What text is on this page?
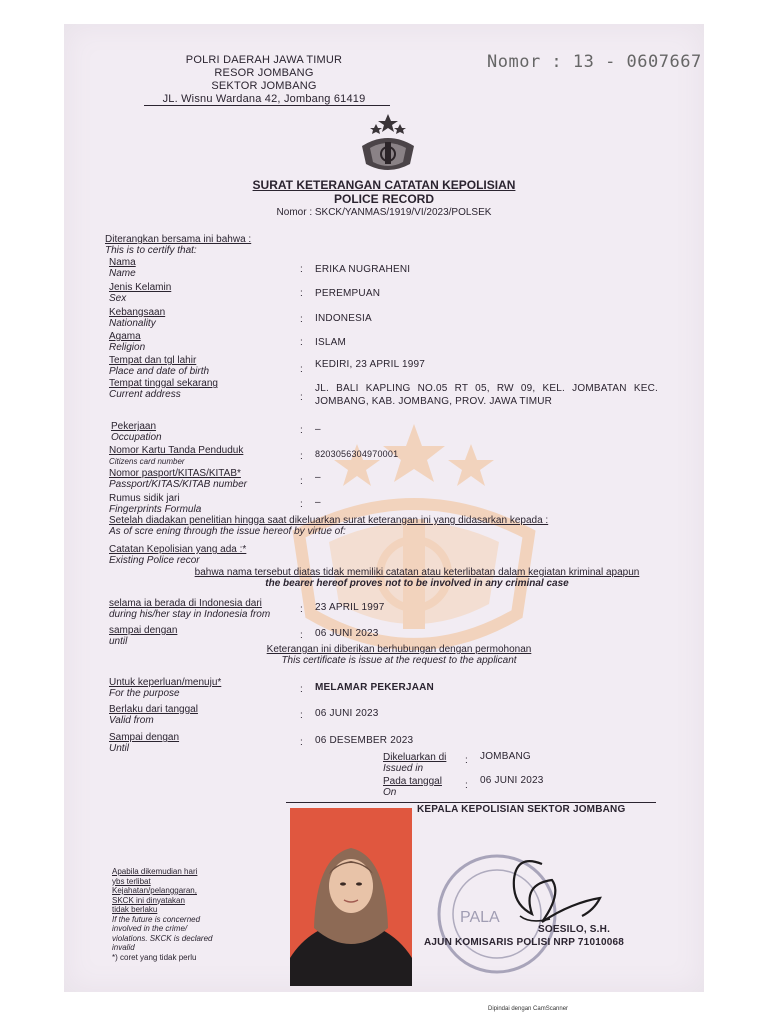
POLRI DAERAH JAWA TIMUR
RESOR JOMBANG
SEKTOR JOMBANG
JL. Wisnu Wardana 42, Jombang 61419
Nomor : 13 - 0607667
SURAT KETERANGAN CATATAN KEPOLISIAN
POLICE RECORD
Nomor : SKCK/YANMAS/1919/VI/2023/POLSEK
Diterangkan bersama ini bahwa :
This is to certify that:
Nama
Name	: ERIKA NUGRAHENI
Jenis Kelamin
Sex	: PEREMPUAN
Kebangsaan
Nationality	: INDONESIA
Agama
Religion	: ISLAM
Tempat dan tgl lahir
Place and date of birth	: KEDIRI, 23 APRIL 1997
Tempat tinggal sekarang
Current address	:
JL. BALI KAPLING NO.05 RT 05, RW 09, KEL. JOMBATAN KEC.
JOMBANG, KAB. JOMBANG, PROV. JAWA TIMUR
Pekerjaan
Occupation
: –
Nomor Kartu Tanda Penduduk
Citizens card number	: 8203056304970001
Nomor pasport/KITAS/KITAB*
Passport/KITAS/KITAB number	: –
Rumus sidik jari
Fingerprints Formula	: –
Setelah diadakan penelitian hingga saat dikeluarkan surat keterangan ini yang didasarkan kepada :
As of scre ening through the issue hereof by virtue of:
Catatan Kepolisian yang ada :*
Existing Police recor
bahwa nama tersebut diatas tidak memiliki catatan atau keterlibatan dalam kegiatan kriminal apapun
the bearer hereof proves not to be involved in any criminal case
selama ia berada di Indonesia dari
during his/her stay in Indonesia from	: 23 APRIL 1997
sampai dengan
until
: 06 JUNI 2023
Keterangan ini diberikan berhubungan dengan permohonan
This certificate is issue at the request to the applicant
Untuk keperluan/menuju*
For the purpose	: MELAMAR PEKERJAAN
Berlaku dari tanggal
Valid from	: 06 JUNI 2023
Sampai dengan
Until
: 06 DESEMBER 2023
Dikeluarkan di
Issued in
: JOMBANG
Pada tanggal
On
: 06 JUNI 2023
KEPALA KEPOLISIAN SEKTOR JOMBANG
PALA
SOESILO, S.H.
AJUN KOMISARIS POLISI NRP 71010068
Apabila dikemudian hari
ybs terlibat
Kejahatan/pelanggaran,
SKCK ini dinyatakan
tidak berlaku
If the future is concerned
involved in the crime/
violations. SKCK is declared
invalid
*) coret yang tidak perlu
Dipindai dengan CamScanner
